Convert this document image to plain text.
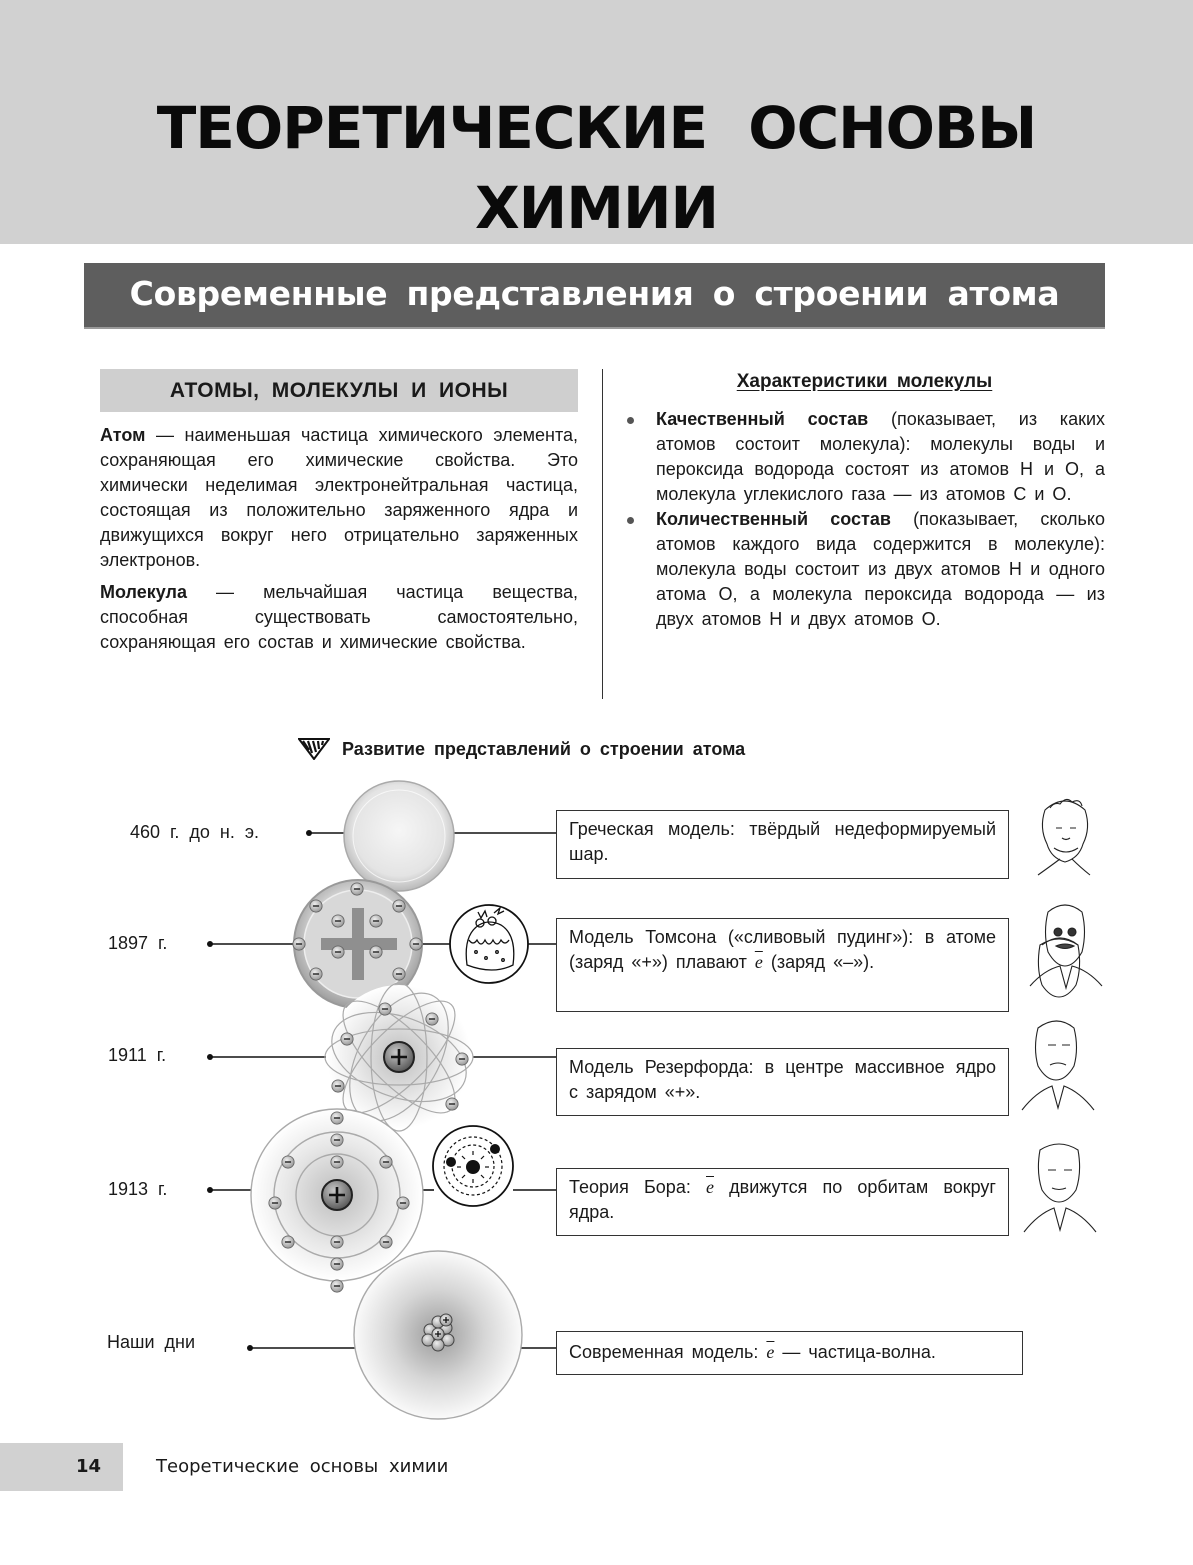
ТЕОРЕТИЧЕСКИЕ ОСНОВЫ
ХИМИИ
Современные представления о строении атома
АТОМЫ, МОЛЕКУЛЫ И ИОНЫ

Атом — наименьшая частица химического элемента, сохраняющая его химические свойства. Это химически неделимая электронейтральная частица, состоящая из положительно заряженного ядра и движущихся вокруг него отрицательно заряженных электронов.

Молекула — мельчайшая частица вещества, способная существовать самостоятельно, сохраняющая его состав и химические свойства.

Характеристики молекулы
Качественный состав (показывает, из каких атомов состоит молекула): молекулы воды и пероксида водорода состоят из атомов Н и О, а молекула углекислого газа — из атомов С и О.
Количественный состав (показывает, сколько атомов каждого вида содержится в молекуле): молекула воды состоит из двух атомов Н и одного атома О, а молекула пероксида водорода — из двух атомов Н и двух атомов О.
Развитие представлений о строении атома
460 г. до н. э.
1897 г.
1911 г.
1913 г.
Наши дни
Греческая модель: твёрдый недеформируемый шар.
Модель Томсона («сливовый пудинг»): в атоме (заряд «+») плавают $\overline{e}$ (заряд «–»).
Модель Резерфорда: в центре массивное ядро с зарядом «+».
Теория Бора: $\overline{e}$ движутся по орбитам вокруг ядра.
Современная модель: $\overline{e}$ — частица-волна.
14	Теоретические основы химии
